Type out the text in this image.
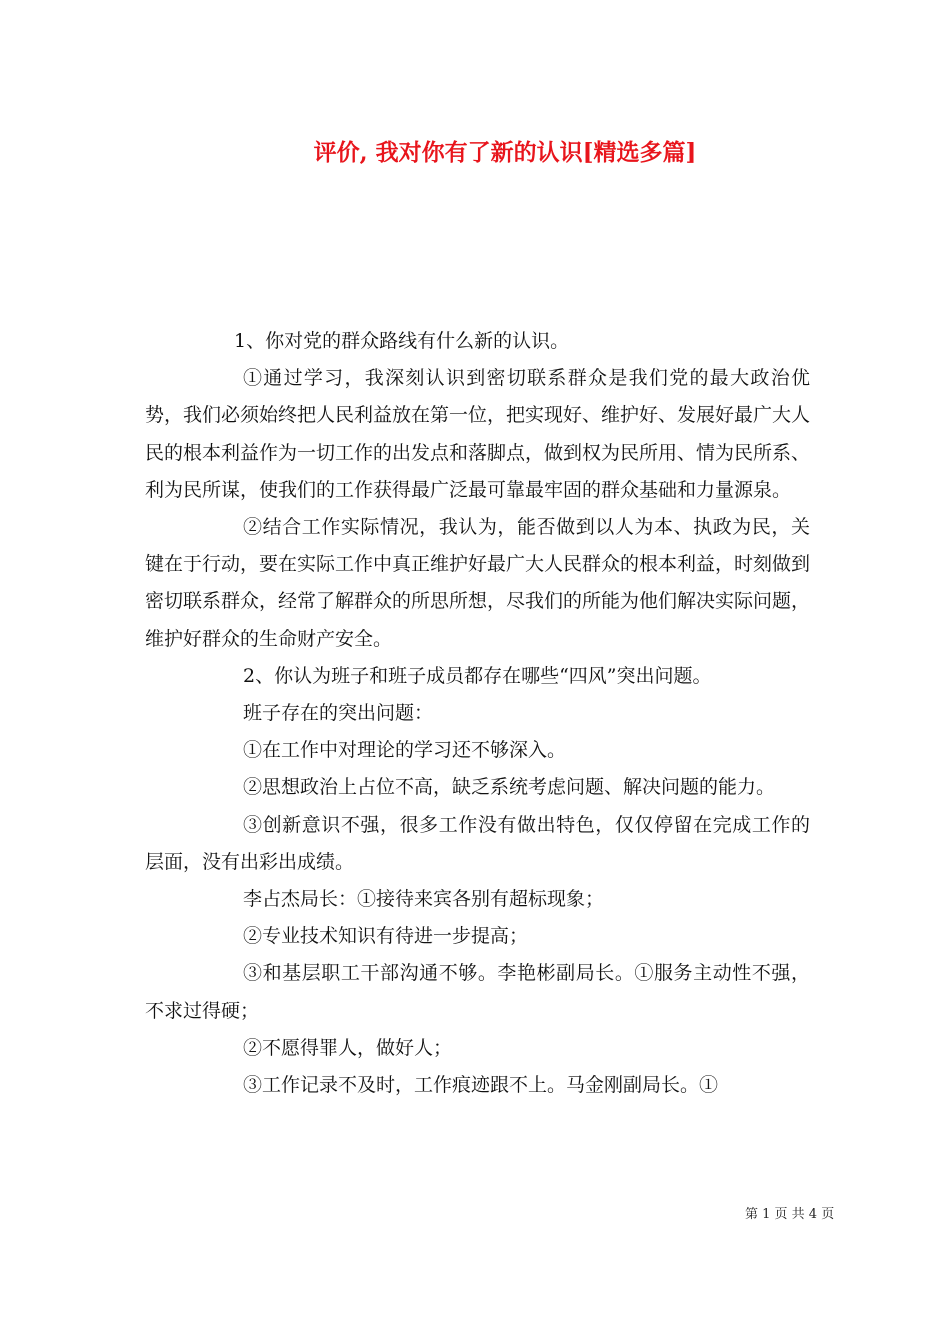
评价, 我对你有了新的认识[精选多篇]

1、你对党的群众路线有什么新的认识。

①通过学习，我深刻认识到密切联系群众是我们党的最大政治优势，我们必须始终把人民利益放在第一位，把实现好、维护好、发展好最广大人民的根本利益作为一切工作的出发点和落脚点，做到权为民所用、情为民所系、利为民所谋，使我们的工作获得最广泛最可靠最牢固的群众基础和力量源泉。

②结合工作实际情况，我认为，能否做到以人为本、执政为民，关键在于行动，要在实际工作中真正维护好最广大人民群众的根本利益，时刻做到密切联系群众，经常了解群众的所思所想，尽我们的所能为他们解决实际问题，维护好群众的生命财产安全。

2、你认为班子和班子成员都存在哪些“四风”突出问题。

班子存在的突出问题：

①在工作中对理论的学习还不够深入。

②思想政治上占位不高，缺乏系统考虑问题、解决问题的能力。

③创新意识不强，很多工作没有做出特色，仅仅停留在完成工作的层面，没有出彩出成绩。

李占杰局长：①接待来宾各别有超标现象；

②专业技术知识有待进一步提高；

③和基层职工干部沟通不够。李艳彬副局长。①服务主动性不强，不求过得硬；

②不愿得罪人，做好人；

③工作记录不及时，工作痕迹跟不上。马金刚副局长。①

第 1 页 共 4 页
